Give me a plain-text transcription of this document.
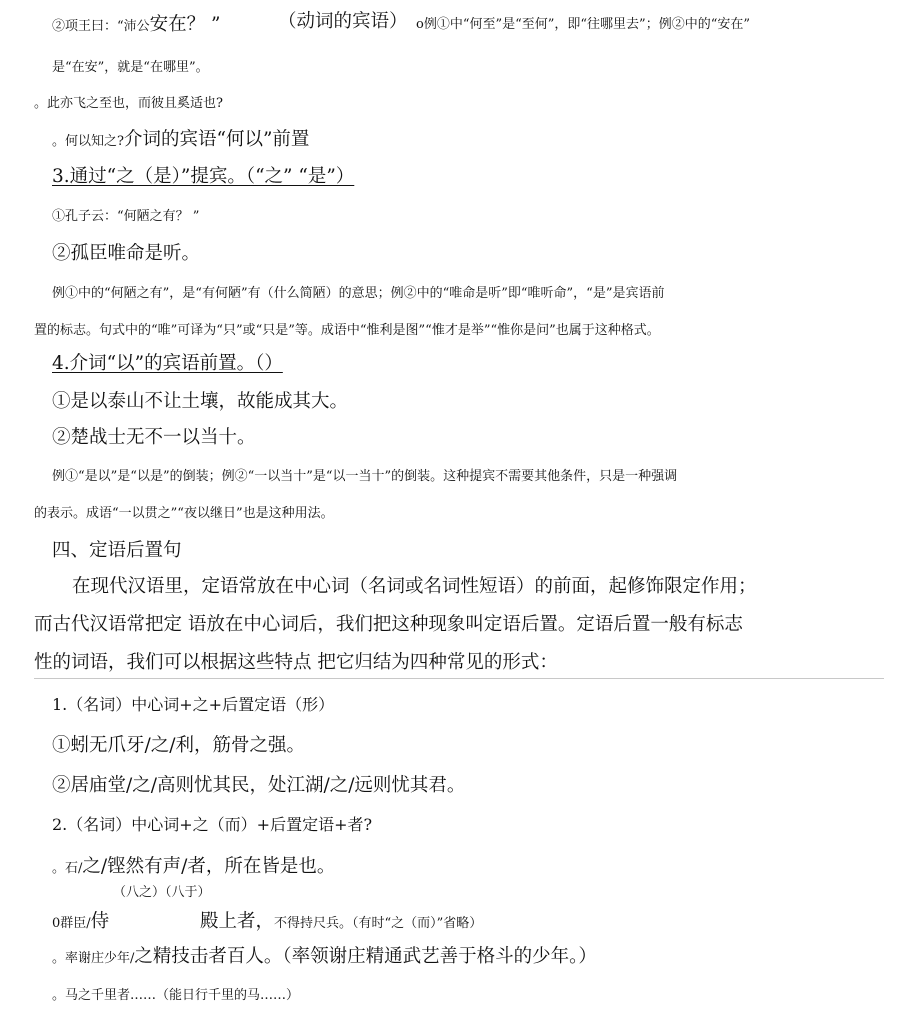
②项王曰：“沛公安在？ ”	（动词的宾语） o例①中“何至”是“至何”，即“往哪里去”；例②中的“安在”
是“在安”，就是“在哪里”。
。此亦飞之至也，而彼且奚适也?
。何以知之?介词的宾语“何以”前置
3.通过“之（是）”提宾。（“之” “是”）
①孔子云：“何陋之有？ ”
②孤臣唯命是听。
例①中的“何陋之有”，是“有何陋”有（什么简陋）的意思；例②中的“唯命是听”即“唯听命”，“是”是宾语前
置的标志。句式中的“唯”可译为“只”或“只是”等。成语中“惟利是图”“惟才是举”“惟你是问”也属于这种格式。
4.介词“以”的宾语前置。（）
①是以泰山不让土壤，故能成其大。
②楚战士无不一以当十。
例①“是以”是“以是”的倒装；例②“一以当十”是“以一当十”的倒装。这种提宾不需要其他条件，只是一种强调
的表示。成语“一以贯之”“夜以继日”也是这种用法。
四、定语后置句
在现代汉语里，定语常放在中心词（名词或名词性短语）的前面，起修饰限定作用；
而古代汉语常把定 语放在中心词后，我们把这种现象叫定语后置。定语后置一般有标志
性的词语，我们可以根据这些特点 把它归结为四种常见的形式：
1.（名词）中心词+之+后置定语（形）
①蚓无爪牙/之/利，筋骨之强。
②居庙堂/之/高则忧其民，处江湖/之/远则忧其君。
2.（名词）中心词+之（而）+后置定语+者?
。石/之/铿然有声/者，所在皆是也。
（八之）（八于）
0群臣/侍	殿上者，不得持尺兵。（有时“之（而）”省略）
。率谢庄少年/之精技击者百人。（率领谢庄精通武艺善于格斗的少年。）
。马之千里者……（能日行千里的马……）
